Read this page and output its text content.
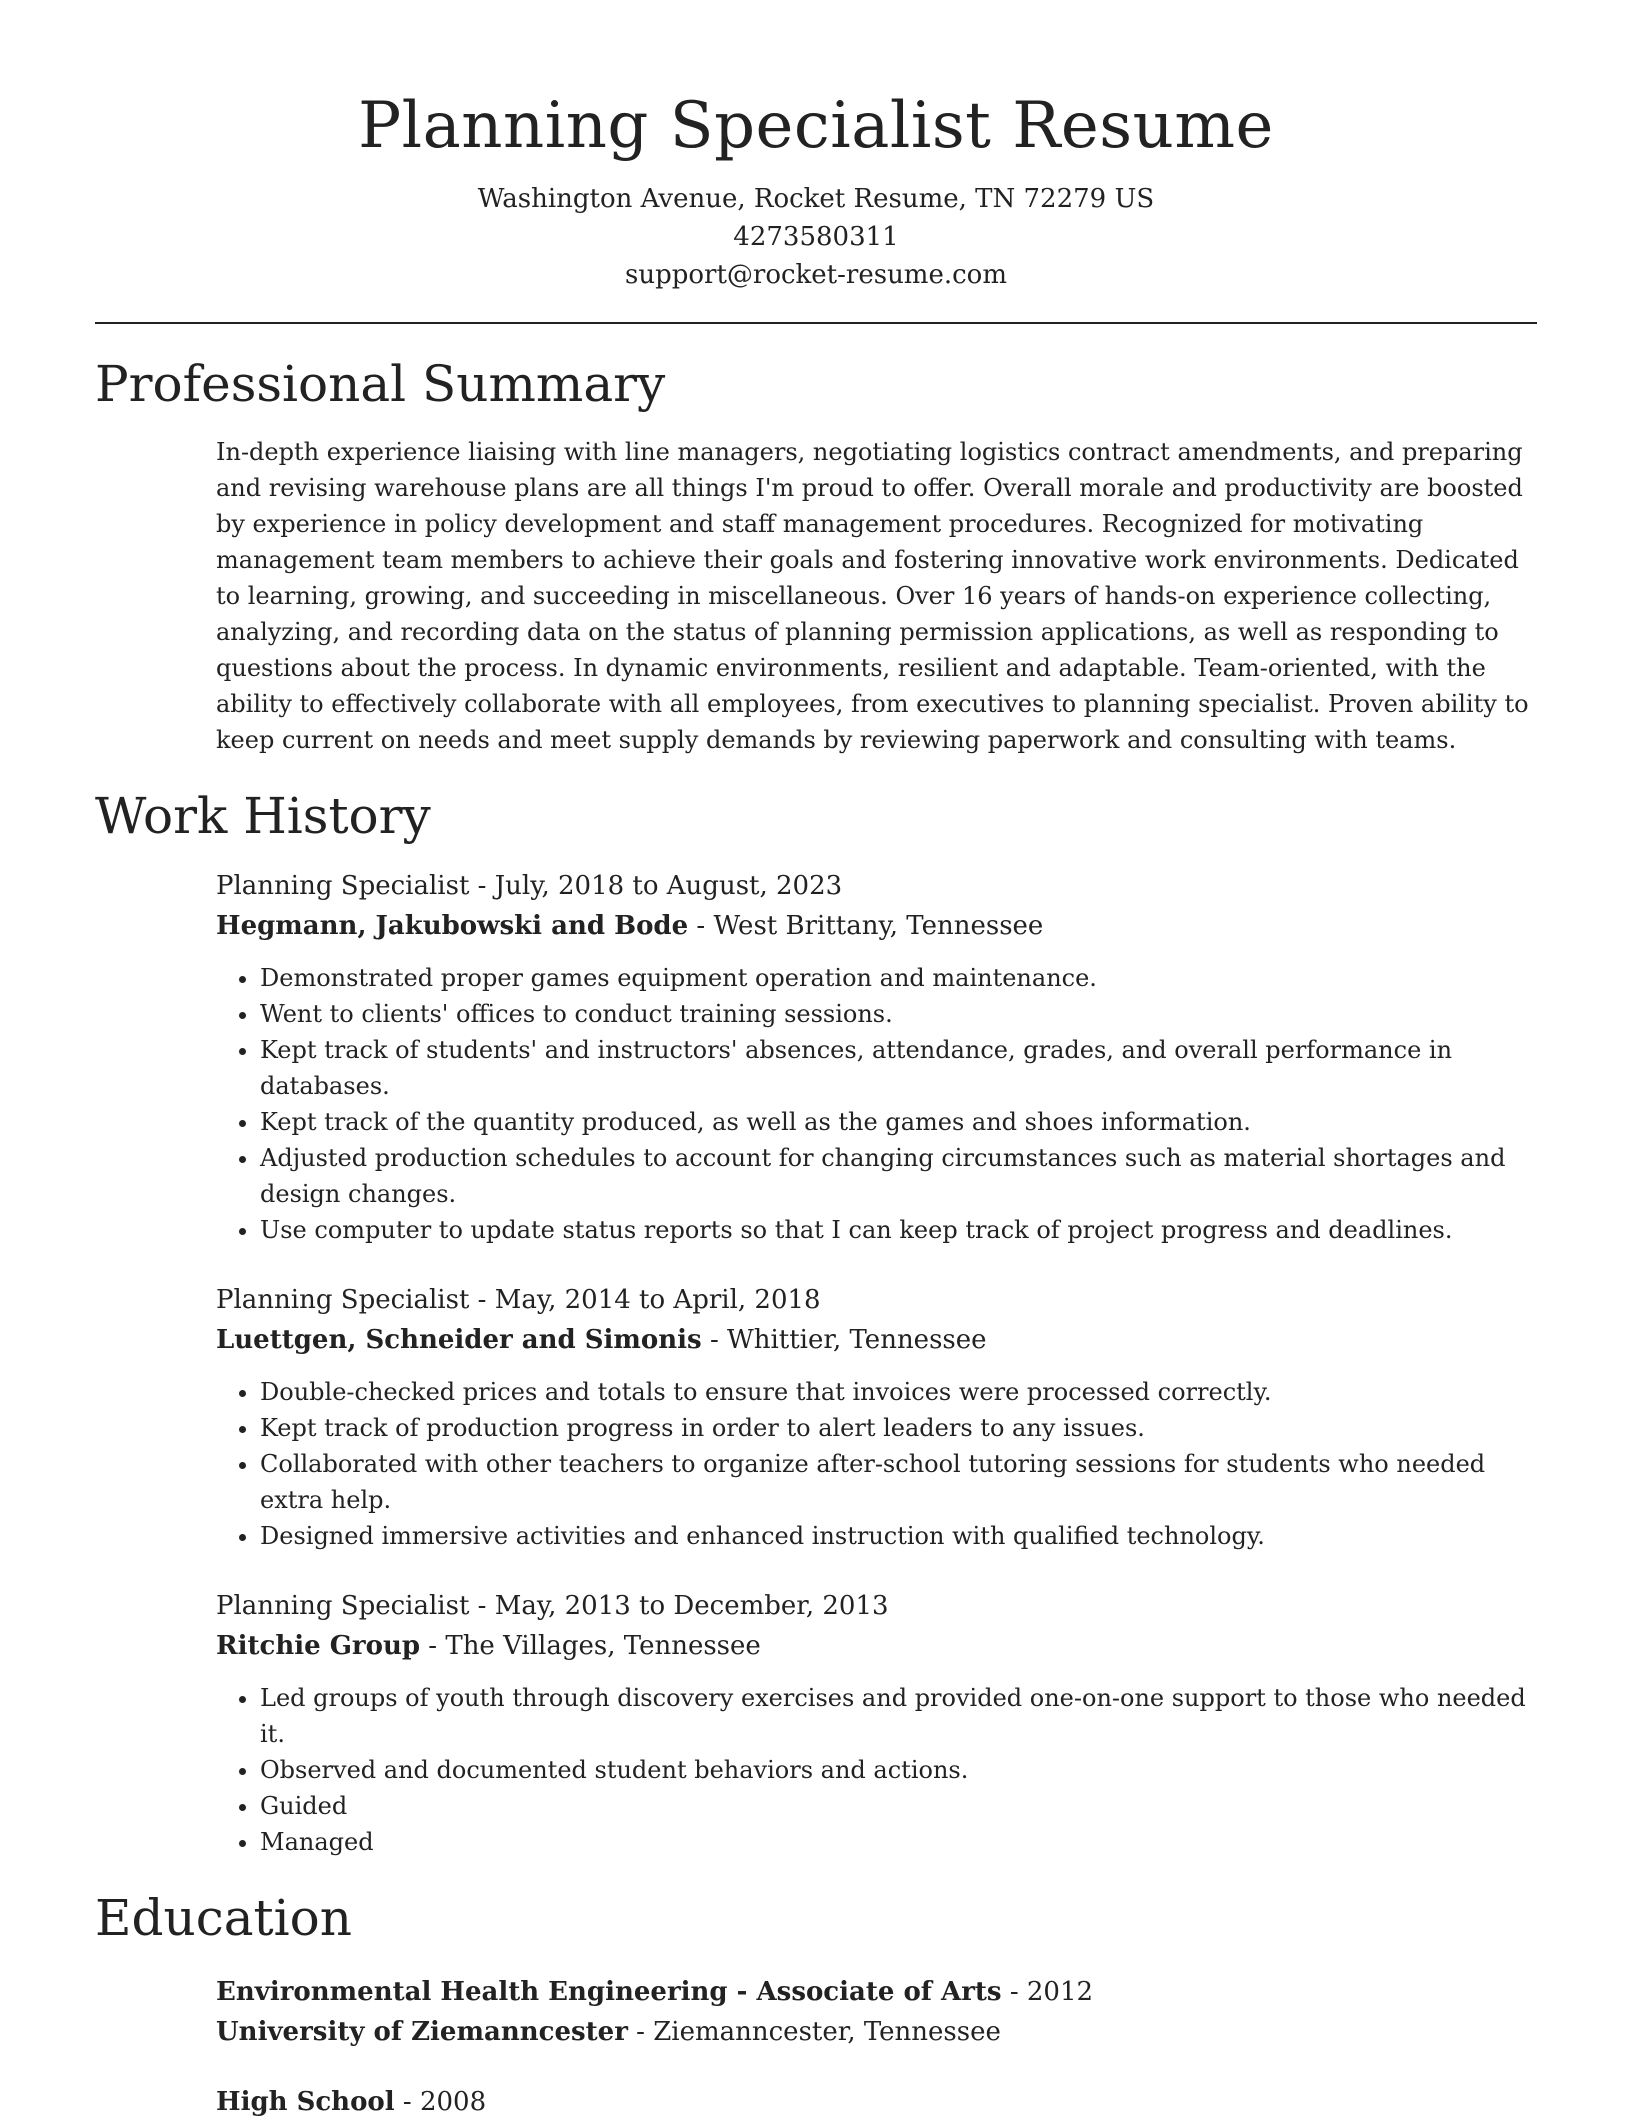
Planning Specialist Resume

Washington Avenue, Rocket Resume, TN 72279 US

4273580311

support@rocket-resume.com

Professional Summary

In-depth experience liaising with line managers, negotiating logistics contract amendments, and preparing and revising warehouse plans are all things I'm proud to offer. Overall morale and productivity are boosted by experience in policy development and staff management procedures. Recognized for motivating management team members to achieve their goals and fostering innovative work environments. Dedicated to learning, growing, and succeeding in miscellaneous. Over 16 years of hands-on experience collecting, analyzing, and recording data on the status of planning permission applications, as well as responding to questions about the process. In dynamic environments, resilient and adaptable. Team-oriented, with the ability to effectively collaborate with all employees, from executives to planning specialist. Proven ability to keep current on needs and meet supply demands by reviewing paperwork and consulting with teams.

Work History

Planning Specialist - July, 2018 to August, 2023

Hegmann, Jakubowski and Bode - West Brittany, Tennessee

• Demonstrated proper games equipment operation and maintenance.
• Went to clients' offices to conduct training sessions.
• Kept track of students' and instructors' absences, attendance, grades, and overall performance in databases.
• Kept track of the quantity produced, as well as the games and shoes information.
• Adjusted production schedules to account for changing circumstances such as material shortages and design changes.
• Use computer to update status reports so that I can keep track of project progress and deadlines.

Planning Specialist - May, 2014 to April, 2018

Luettgen, Schneider and Simonis - Whittier, Tennessee

• Double-checked prices and totals to ensure that invoices were processed correctly.
• Kept track of production progress in order to alert leaders to any issues.
• Collaborated with other teachers to organize after-school tutoring sessions for students who needed extra help.
• Designed immersive activities and enhanced instruction with qualified technology.

Planning Specialist - May, 2013 to December, 2013

Ritchie Group - The Villages, Tennessee

• Led groups of youth through discovery exercises and provided one-on-one support to those who needed it.
• Observed and documented student behaviors and actions.
• Guided
• Managed
Education

Environmental Health Engineering - Associate of Arts - 2012

University of Ziemanncester - Ziemanncester, Tennessee

High School - 2008
